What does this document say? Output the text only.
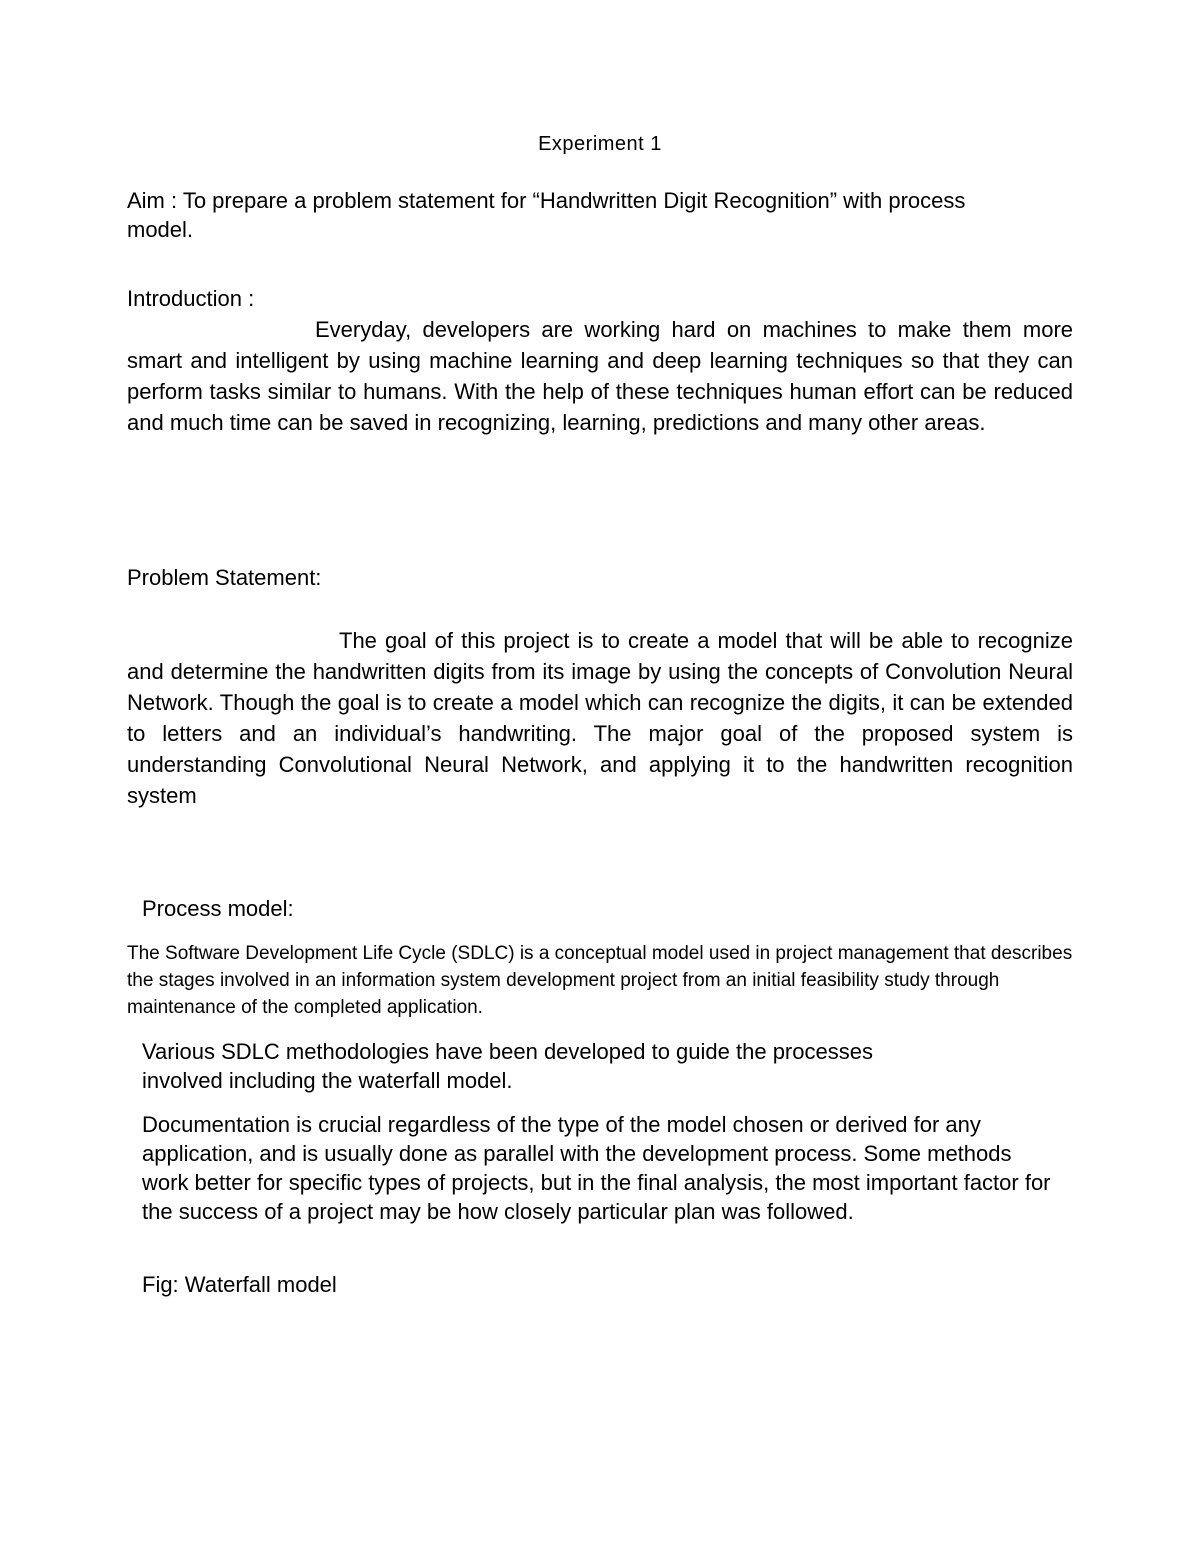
Experiment 1

Aim : To prepare a problem statement for “Handwritten Digit Recognition” with process model.

Introduction :

Everyday, developers are working hard on machines to make them more smart and intelligent by using machine learning and deep learning techniques so that they can perform tasks similar to humans. With the help of these techniques human effort can be reduced and much time can be saved in recognizing, learning, predictions and many other areas.

Problem Statement:

The goal of this project is to create a model that will be able to recognize and determine the handwritten digits from its image by using the concepts of Convolution Neural Network. Though the goal is to create a model which can recognize the digits, it can be extended to letters and an individual’s handwriting. The major goal of the proposed system is understanding Convolutional Neural Network, and applying it to the handwritten recognition system

Process model:

The Software Development Life Cycle (SDLC) is a conceptual model used in project management that describes the stages involved in an information system development project from an initial feasibility study through maintenance of the completed application.

Various SDLC methodologies have been developed to guide the processes involved including the waterfall model.

Documentation is crucial regardless of the type of the model chosen or derived for any application, and is usually done as parallel with the development process. Some methods work better for specific types of projects, but in the final analysis, the most important factor for the success of a project may be how closely particular plan was followed.

Fig: Waterfall model
